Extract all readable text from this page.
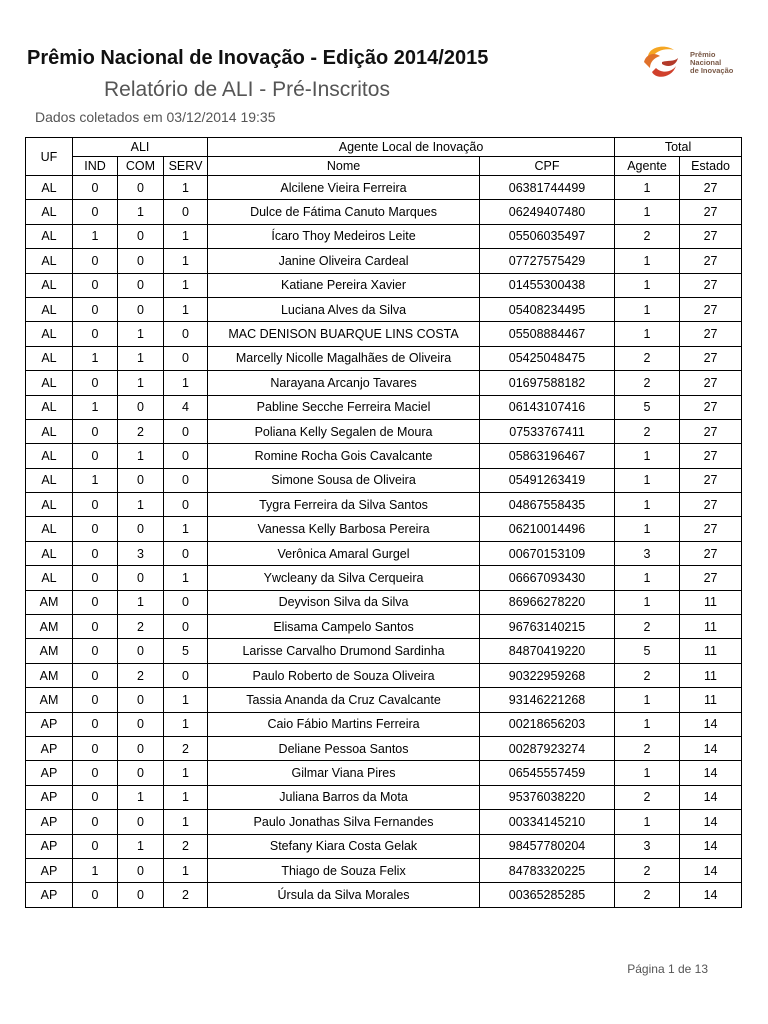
Prêmio Nacional de Inovação - Edição 2014/2015
Relatório de ALI - Pré-Inscritos
Dados coletados em 03/12/2014 19:35
Prêmio
Nacional
de Inovação
UF	ALI			Agente Local de Inovação		Total	
	IND	COM	SERV	Nome	CPF	Agente	Estado
AL	0	0	1	Alcilene Vieira Ferreira	06381744499	1	27
AL	0	1	0	Dulce de Fátima Canuto Marques	06249407480	1	27
AL	1	0	1	Ícaro Thoy Medeiros Leite	05506035497	2	27
AL	0	0	1	Janine Oliveira Cardeal	07727575429	1	27
AL	0	0	1	Katiane Pereira Xavier	01455300438	1	27
AL	0	0	1	Luciana Alves da Silva	05408234495	1	27
AL	0	1	0	MAC DENISON BUARQUE LINS COSTA	05508884467	1	27
AL	1	1	0	Marcelly Nicolle Magalhães de Oliveira	05425048475	2	27
AL	0	1	1	Narayana Arcanjo Tavares	01697588182	2	27
AL	1	0	4	Pabline Secche Ferreira Maciel	06143107416	5	27
AL	0	2	0	Poliana Kelly Segalen de Moura	07533767411	2	27
AL	0	1	0	Romine Rocha Gois Cavalcante	05863196467	1	27
AL	1	0	0	Simone Sousa de Oliveira	05491263419	1	27
AL	0	1	0	Tygra Ferreira da Silva Santos	04867558435	1	27
AL	0	0	1	Vanessa Kelly Barbosa Pereira	06210014496	1	27
AL	0	3	0	Verônica Amaral Gurgel	00670153109	3	27
AL	0	0	1	Ywcleany da Silva Cerqueira	06667093430	1	27
AM	0	1	0	Deyvison Silva da Silva	86966278220	1	11
AM	0	2	0	Elisama Campelo Santos	96763140215	2	11
AM	0	0	5	Larisse Carvalho Drumond Sardinha	84870419220	5	11
AM	0	2	0	Paulo Roberto de Souza Oliveira	90322959268	2	11
AM	0	0	1	Tassia Ananda da Cruz Cavalcante	93146221268	1	11
AP	0	0	1	Caio Fábio Martins Ferreira	00218656203	1	14
AP	0	0	2	Deliane Pessoa Santos	00287923274	2	14
AP	0	0	1	Gilmar Viana Pires	06545557459	1	14
AP	0	1	1	Juliana Barros da Mota	95376038220	2	14
AP	0	0	1	Paulo Jonathas Silva Fernandes	00334145210	1	14
AP	0	1	2	Stefany Kiara Costa Gelak	98457780204	3	14
AP	1	0	1	Thiago de Souza Felix	84783320225	2	14
AP	0	0	2	Úrsula da Silva Morales	00365285285	2	14
Página 1 de 13
